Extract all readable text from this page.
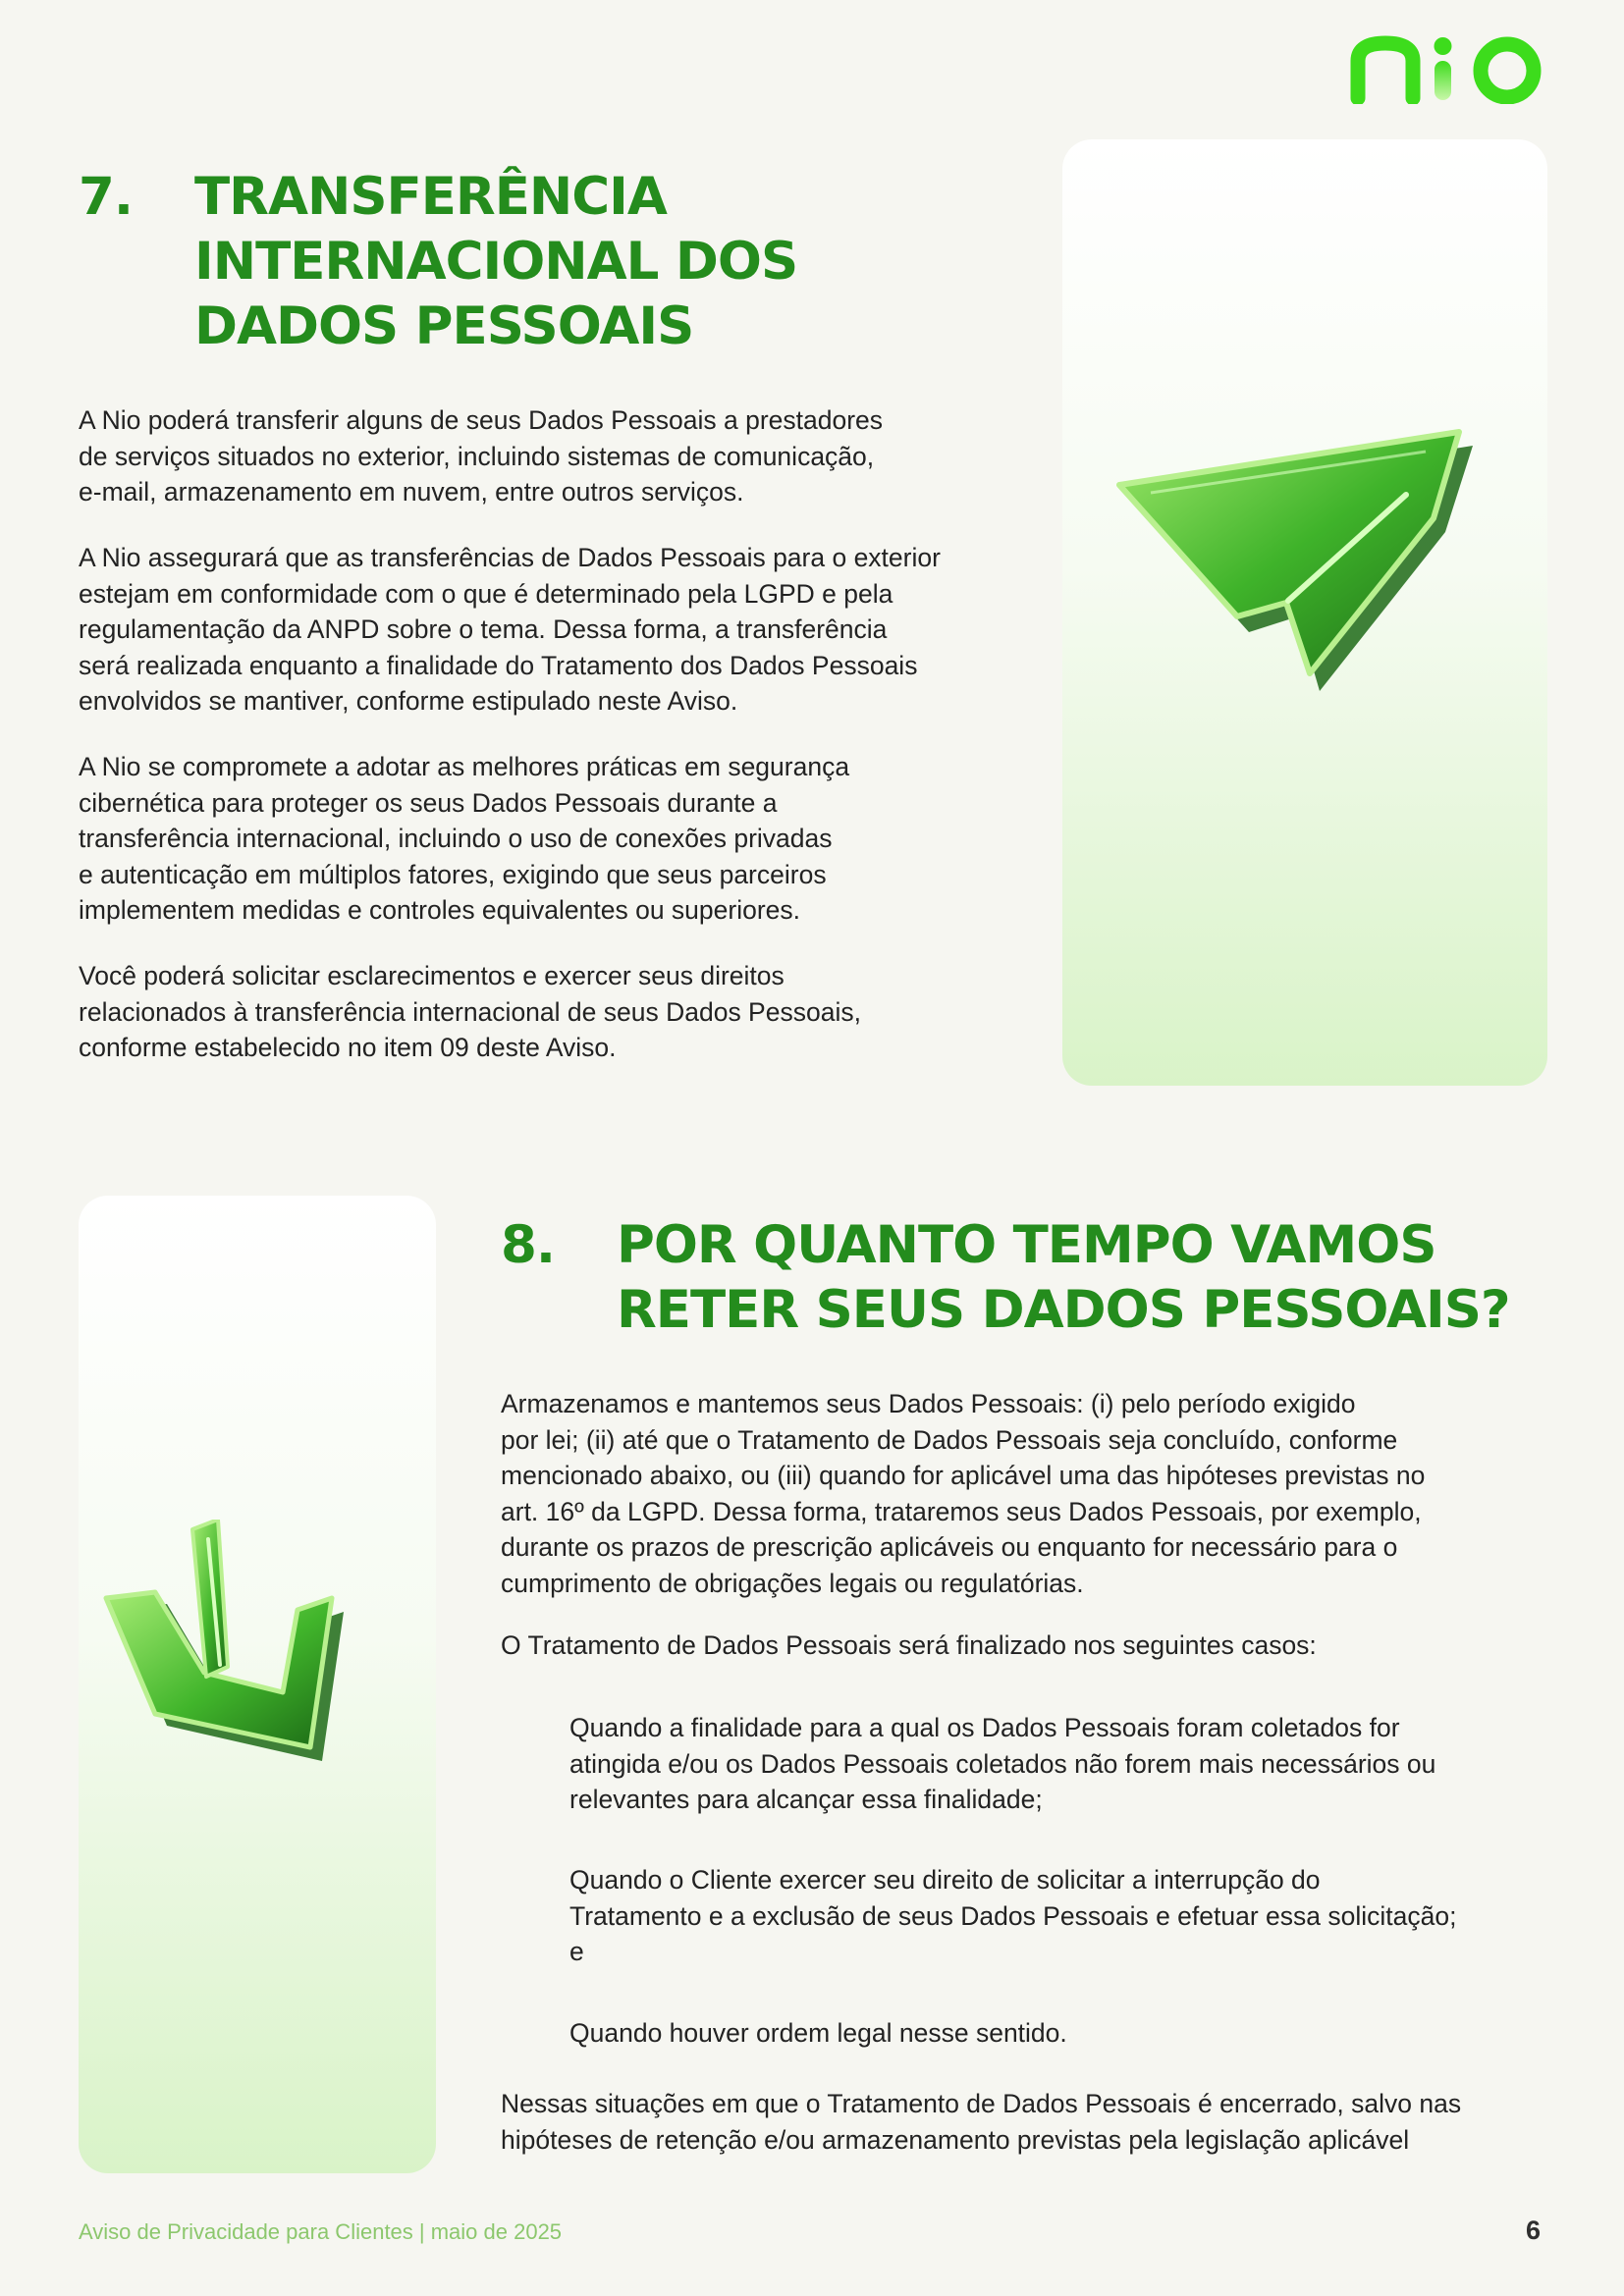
7. TRANSFERÊNCIA
INTERNACIONAL DOS
DADOS PESSOAIS

A Nio poderá transferir alguns de seus Dados Pessoais a prestadores
de serviços situados no exterior, incluindo sistemas de comunicação,
e-mail, armazenamento em nuvem, entre outros serviços.

A Nio assegurará que as transferências de Dados Pessoais para o exterior
estejam em conformidade com o que é determinado pela LGPD e pela
regulamentação da ANPD sobre o tema. Dessa forma, a transferência
será realizada enquanto a finalidade do Tratamento dos Dados Pessoais
envolvidos se mantiver, conforme estipulado neste Aviso.

A Nio se compromete a adotar as melhores práticas em segurança
cibernética para proteger os seus Dados Pessoais durante a
transferência internacional, incluindo o uso de conexões privadas
e autenticação em múltiplos fatores, exigindo que seus parceiros
implementem medidas e controles equivalentes ou superiores.

Você poderá solicitar esclarecimentos e exercer seus direitos
relacionados à transferência internacional de seus Dados Pessoais,
conforme estabelecido no item 09 deste Aviso.

8. POR QUANTO TEMPO VAMOS
RETER SEUS DADOS PESSOAIS?

Armazenamos e mantemos seus Dados Pessoais: (i) pelo período exigido
por lei; (ii) até que o Tratamento de Dados Pessoais seja concluído, conforme
mencionado abaixo, ou (iii) quando for aplicável uma das hipóteses previstas no
art. 16º da LGPD. Dessa forma, trataremos seus Dados Pessoais, por exemplo,
durante os prazos de prescrição aplicáveis ou enquanto for necessário para o
cumprimento de obrigações legais ou regulatórias.

O Tratamento de Dados Pessoais será finalizado nos seguintes casos:

Quando a finalidade para a qual os Dados Pessoais foram coletados for
atingida e/ou os Dados Pessoais coletados não forem mais necessários ou
relevantes para alcançar essa finalidade;

Quando o Cliente exercer seu direito de solicitar a interrupção do
Tratamento e a exclusão de seus Dados Pessoais e efetuar essa solicitação;
e

Quando houver ordem legal nesse sentido.

Nessas situações em que o Tratamento de Dados Pessoais é encerrado, salvo nas
hipóteses de retenção e/ou armazenamento previstas pela legislação aplicável

Aviso de Privacidade para Clientes | maio de 2025	6
